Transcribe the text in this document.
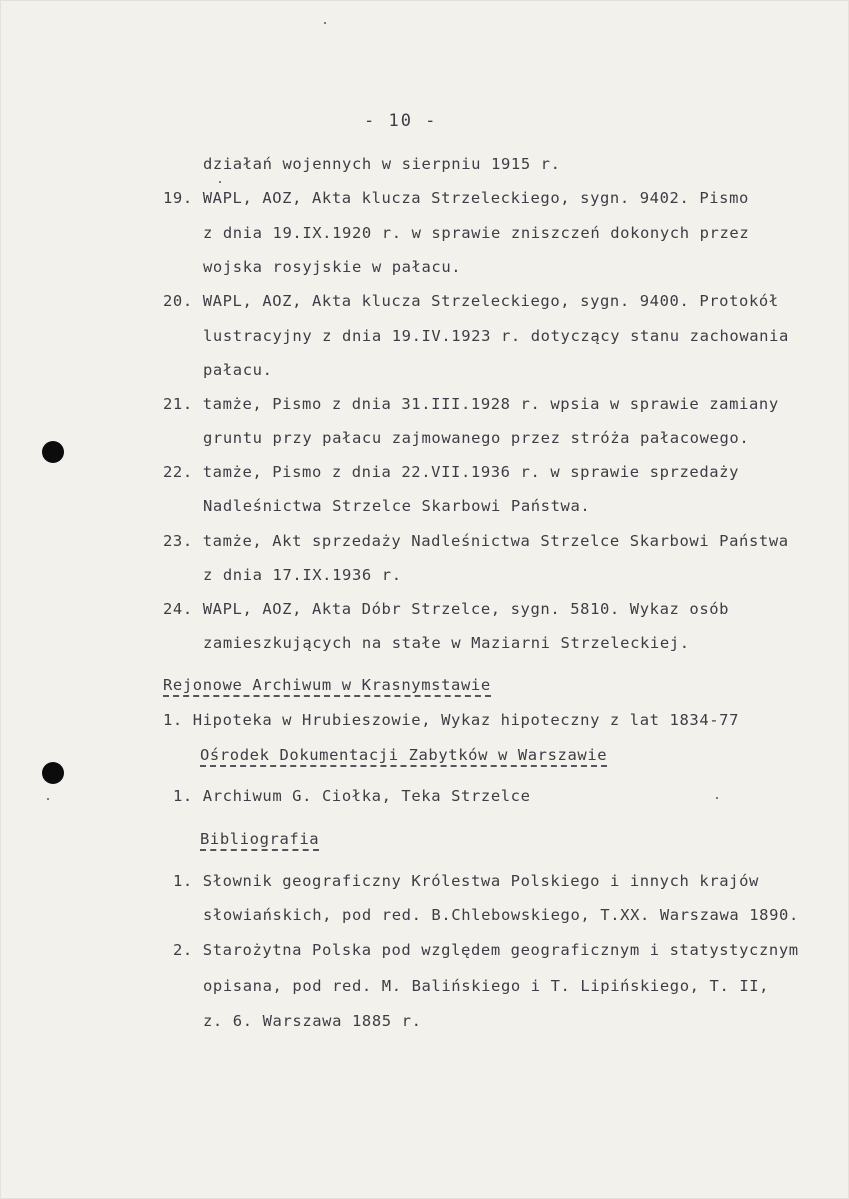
- 10 -
działań wojennych w sierpniu 1915 r.
19. WAPL, AOZ, Akta klucza Strzeleckiego, sygn. 9402. Pismo
z dnia 19.IX.1920 r. w sprawie zniszczeń dokonych przez
wojska rosyjskie w pałacu.
20. WAPL, AOZ, Akta klucza Strzeleckiego, sygn. 9400. Protokół
lustracyjny z dnia 19.IV.1923 r. dotyczący stanu zachowania
pałacu.
21. tamże, Pismo z dnia 31.III.1928 r. wpsia w sprawie zamiany
gruntu przy pałacu zajmowanego przez stróża pałacowego.
22. tamże, Pismo z dnia 22.VII.1936 r. w sprawie sprzedaży
Nadleśnictwa Strzelce Skarbowi Państwa.
23. tamże, Akt sprzedaży Nadleśnictwa Strzelce Skarbowi Państwa
z dnia 17.IX.1936 r.
24. WAPL, AOZ, Akta Dóbr Strzelce, sygn. 5810. Wykaz osób
zamieszkujących na stałe w Maziarni Strzeleckiej.
Rejonowe Archiwum w Krasnymstawie
1. Hipoteka w Hrubieszowie, Wykaz hipoteczny z lat 1834-77
Ośrodek Dokumentacji Zabytków w Warszawie
1. Archiwum G. Ciołka, Teka Strzelce
Bibliografia
1. Słownik geograficzny Królestwa Polskiego i innych krajów
słowiańskich, pod red. B.Chlebowskiego, T.XX. Warszawa 1890.
2. Starożytna Polska pod względem geograficznym i statystycznym
opisana, pod red. M. Balińskiego i T. Lipińskiego, T. II,
z. 6. Warszawa 1885 r.
